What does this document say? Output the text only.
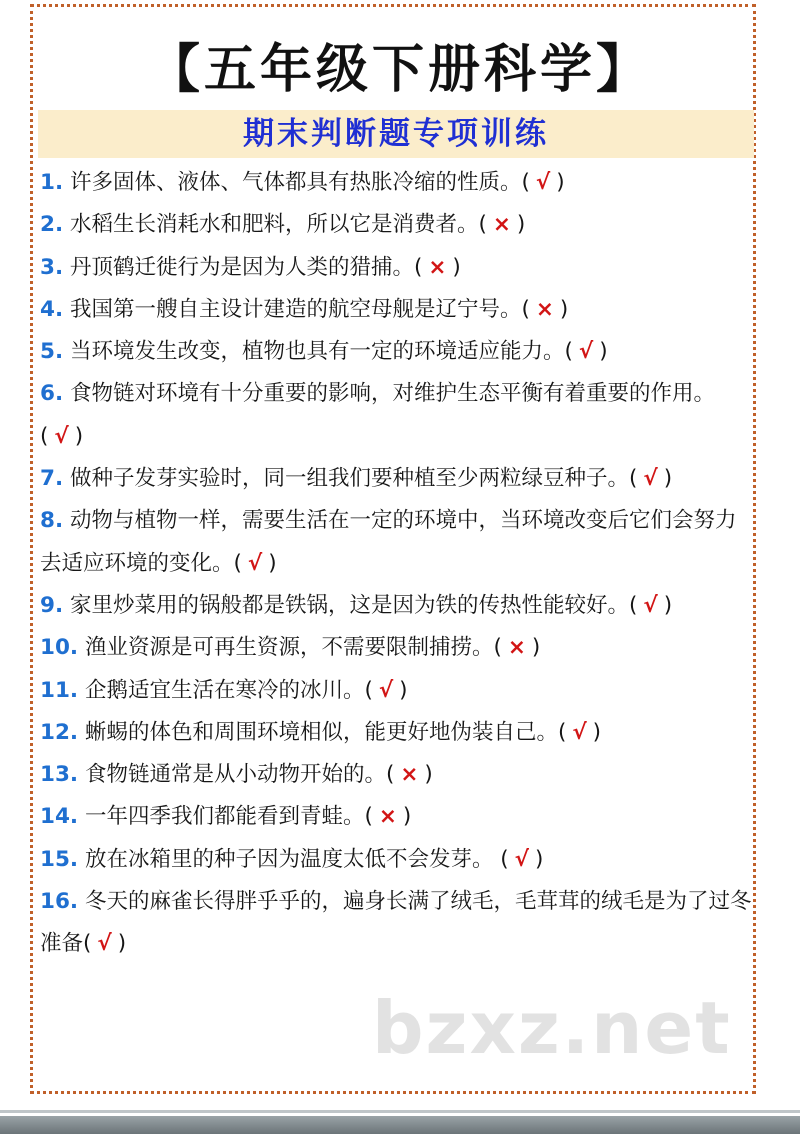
【五年级下册科学】
期末判断题专项训练
1. 许多固体、液体、气体都具有热胀冷缩的性质。( √ )
2. 水稻生长消耗水和肥料，所以它是消费者。( × )
3. 丹顶鹤迁徙行为是因为人类的猎捕。( × )
4. 我国第一艘自主设计建造的航空母舰是辽宁号。( × )
5. 当环境发生改变，植物也具有一定的环境适应能力。( √ )
6. 食物链对环境有十分重要的影响，对维护生态平衡有着重要的作用。 ( √ )
7. 做种子发芽实验时，同一组我们要种植至少两粒绿豆种子。( √ )
8. 动物与植物一样，需要生活在一定的环境中，当环境改变后它们会努力去适应环境的变化。( √ )
9. 家里炒菜用的锅般都是铁锅，这是因为铁的传热性能较好。( √ )
10. 渔业资源是可再生资源，不需要限制捕捞。( × )
11. 企鹅适宜生活在寒冷的冰川。( √ )
12. 蜥蜴的体色和周围环境相似，能更好地伪装自己。( √ )
13. 食物链通常是从小动物开始的。( × )
14. 一年四季我们都能看到青蛙。( × )
15. 放在冰箱里的种子因为温度太低不会发芽。 ( √ )
16. 冬天的麻雀长得胖乎乎的，遍身长满了绒毛，毛茸茸的绒毛是为了过冬准备( √ )
bzxz.net
